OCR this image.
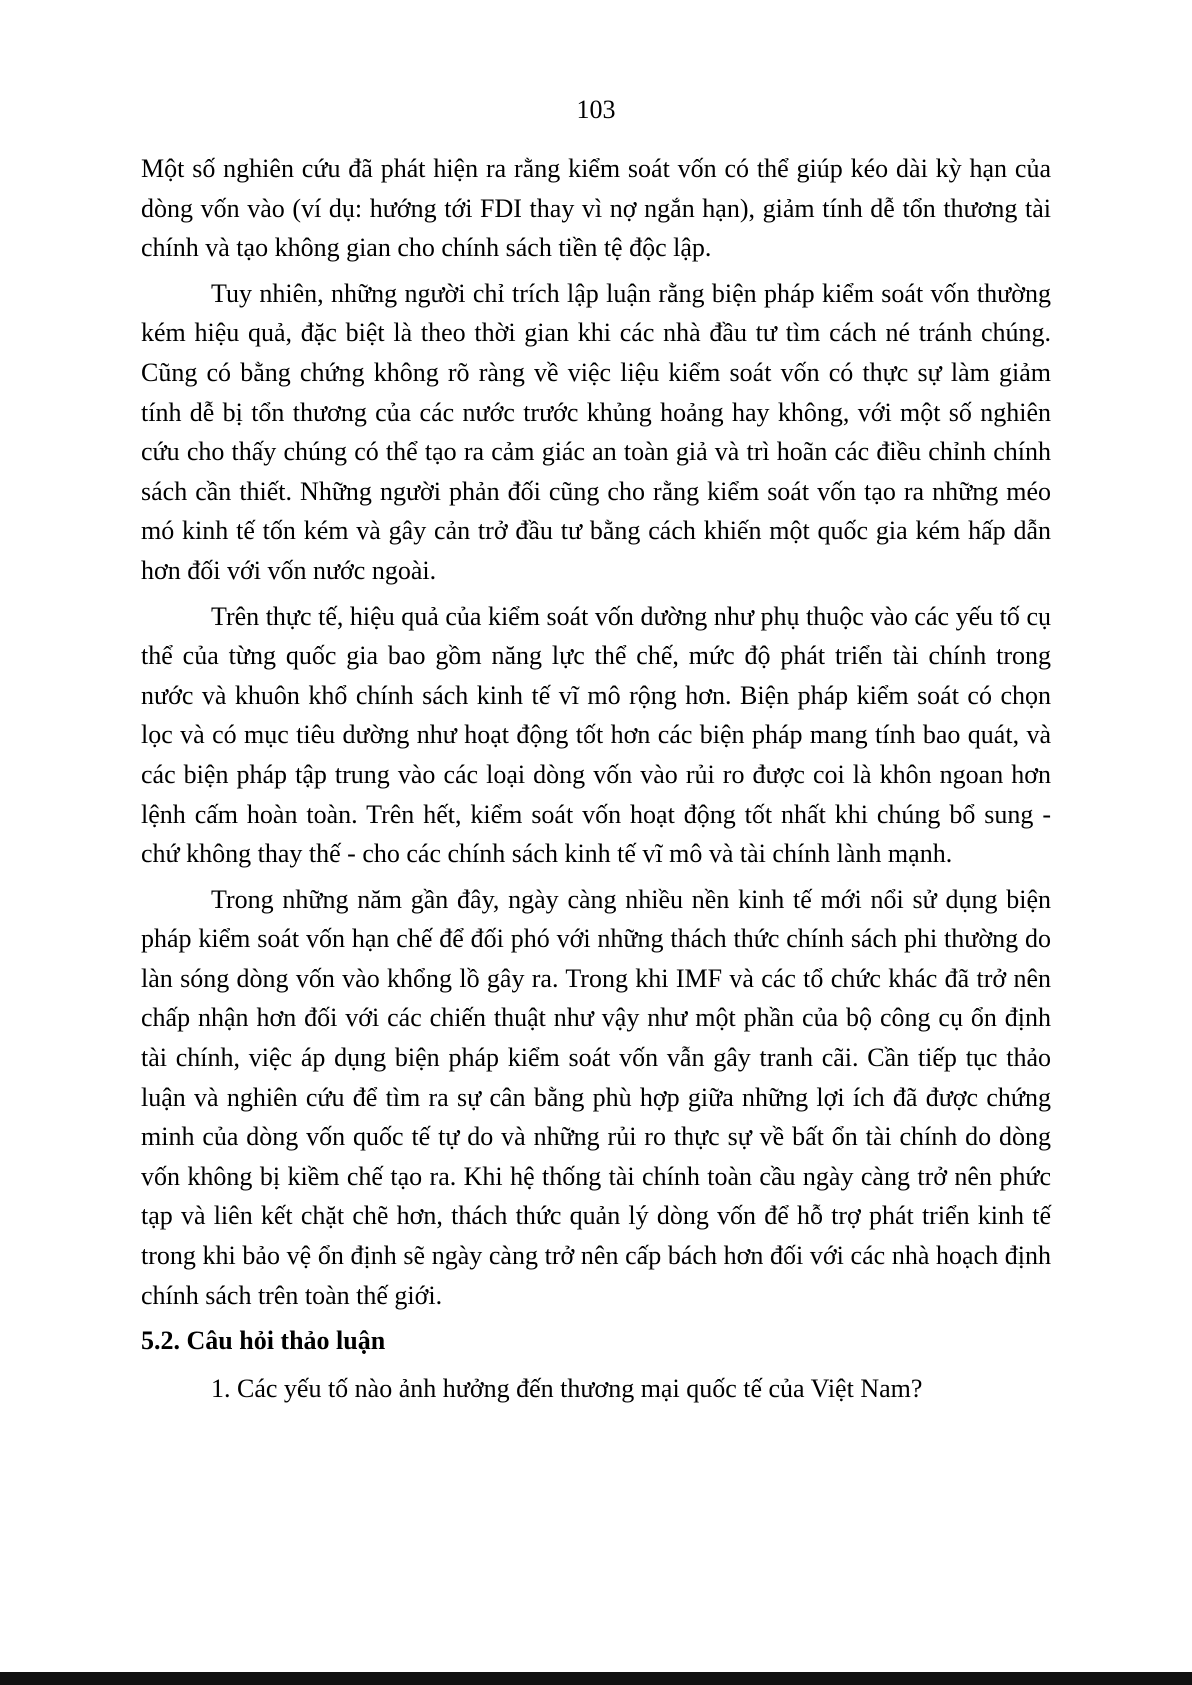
103

Một số nghiên cứu đã phát hiện ra rằng kiểm soát vốn có thể giúp kéo dài kỳ hạn của dòng vốn vào (ví dụ: hướng tới FDI thay vì nợ ngắn hạn), giảm tính dễ tổn thương tài chính và tạo không gian cho chính sách tiền tệ độc lập.

Tuy nhiên, những người chỉ trích lập luận rằng biện pháp kiểm soát vốn thường kém hiệu quả, đặc biệt là theo thời gian khi các nhà đầu tư tìm cách né tránh chúng. Cũng có bằng chứng không rõ ràng về việc liệu kiểm soát vốn có thực sự làm giảm tính dễ bị tổn thương của các nước trước khủng hoảng hay không, với một số nghiên cứu cho thấy chúng có thể tạo ra cảm giác an toàn giả và trì hoãn các điều chỉnh chính sách cần thiết. Những người phản đối cũng cho rằng kiểm soát vốn tạo ra những méo mó kinh tế tốn kém và gây cản trở đầu tư bằng cách khiến một quốc gia kém hấp dẫn hơn đối với vốn nước ngoài.

Trên thực tế, hiệu quả của kiểm soát vốn dường như phụ thuộc vào các yếu tố cụ thể của từng quốc gia bao gồm năng lực thể chế, mức độ phát triển tài chính trong nước và khuôn khổ chính sách kinh tế vĩ mô rộng hơn. Biện pháp kiểm soát có chọn lọc và có mục tiêu dường như hoạt động tốt hơn các biện pháp mang tính bao quát, và các biện pháp tập trung vào các loại dòng vốn vào rủi ro được coi là khôn ngoan hơn lệnh cấm hoàn toàn. Trên hết, kiểm soát vốn hoạt động tốt nhất khi chúng bổ sung - chứ không thay thế - cho các chính sách kinh tế vĩ mô và tài chính lành mạnh.

Trong những năm gần đây, ngày càng nhiều nền kinh tế mới nổi sử dụng biện pháp kiểm soát vốn hạn chế để đối phó với những thách thức chính sách phi thường do làn sóng dòng vốn vào khổng lồ gây ra. Trong khi IMF và các tổ chức khác đã trở nên chấp nhận hơn đối với các chiến thuật như vậy như một phần của bộ công cụ ổn định tài chính, việc áp dụng biện pháp kiểm soát vốn vẫn gây tranh cãi. Cần tiếp tục thảo luận và nghiên cứu để tìm ra sự cân bằng phù hợp giữa những lợi ích đã được chứng minh của dòng vốn quốc tế tự do và những rủi ro thực sự về bất ổn tài chính do dòng vốn không bị kiềm chế tạo ra. Khi hệ thống tài chính toàn cầu ngày càng trở nên phức tạp và liên kết chặt chẽ hơn, thách thức quản lý dòng vốn để hỗ trợ phát triển kinh tế trong khi bảo vệ ổn định sẽ ngày càng trở nên cấp bách hơn đối với các nhà hoạch định chính sách trên toàn thế giới.

5.2. Câu hỏi thảo luận

1. Các yếu tố nào ảnh hưởng đến thương mại quốc tế của Việt Nam?
